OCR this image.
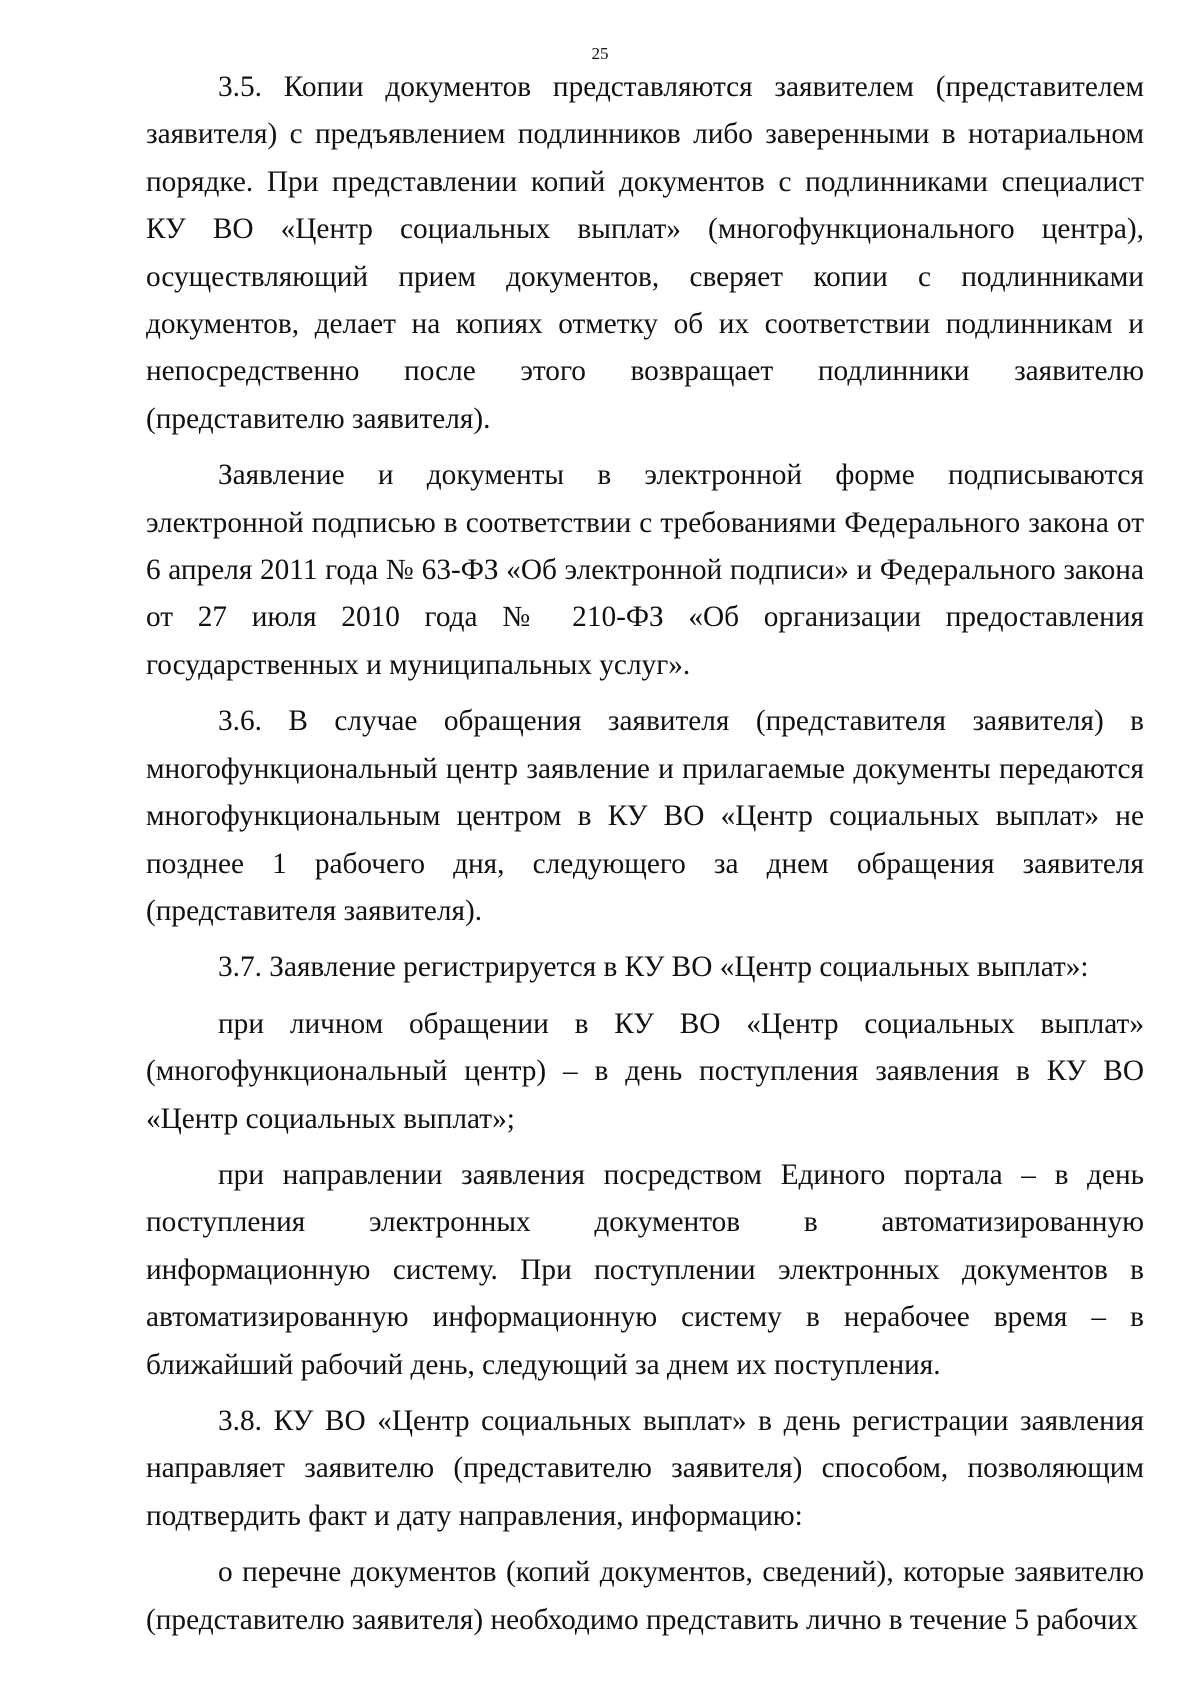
25

3.5. Копии документов представляются заявителем (представителем заявителя) с предъявлением подлинников либо заверенными в нотариальном порядке. При представлении копий документов с подлинниками специалист КУ ВО «Центр социальных выплат» (многофункционального центра), осуществляющий прием документов, сверяет копии с подлинниками документов, делает на копиях отметку об их соответствии подлинникам и непосредственно после этого возвращает подлинники заявителю (представителю заявителя).

Заявление и документы в электронной форме подписываются электронной подписью в соответствии с требованиями Федерального закона от 6 апреля 2011 года № 63-ФЗ «Об электронной подписи» и Федерального закона от 27 июля 2010 года № 210-ФЗ «Об организации предоставления государственных и муниципальных услуг».

3.6. В случае обращения заявителя (представителя заявителя) в многофункциональный центр заявление и прилагаемые документы передаются многофункциональным центром в КУ ВО «Центр социальных выплат» не позднее 1 рабочего дня, следующего за днем обращения заявителя (представителя заявителя).

3.7. Заявление регистрируется в КУ ВО «Центр социальных выплат»:

при личном обращении в КУ ВО «Центр социальных выплат» (многофункциональный центр) – в день поступления заявления в КУ ВО «Центр социальных выплат»;

при направлении заявления посредством Единого портала – в день поступления электронных документов в автоматизированную информационную систему. При поступлении электронных документов в автоматизированную информационную систему в нерабочее время – в ближайший рабочий день, следующий за днем их поступления.

3.8. КУ ВО «Центр социальных выплат» в день регистрации заявления направляет заявителю (представителю заявителя) способом, позволяющим подтвердить факт и дату направления, информацию:

о перечне документов (копий документов, сведений), которые заявителю (представителю заявителя) необходимо представить лично в течение 5 рабочих
